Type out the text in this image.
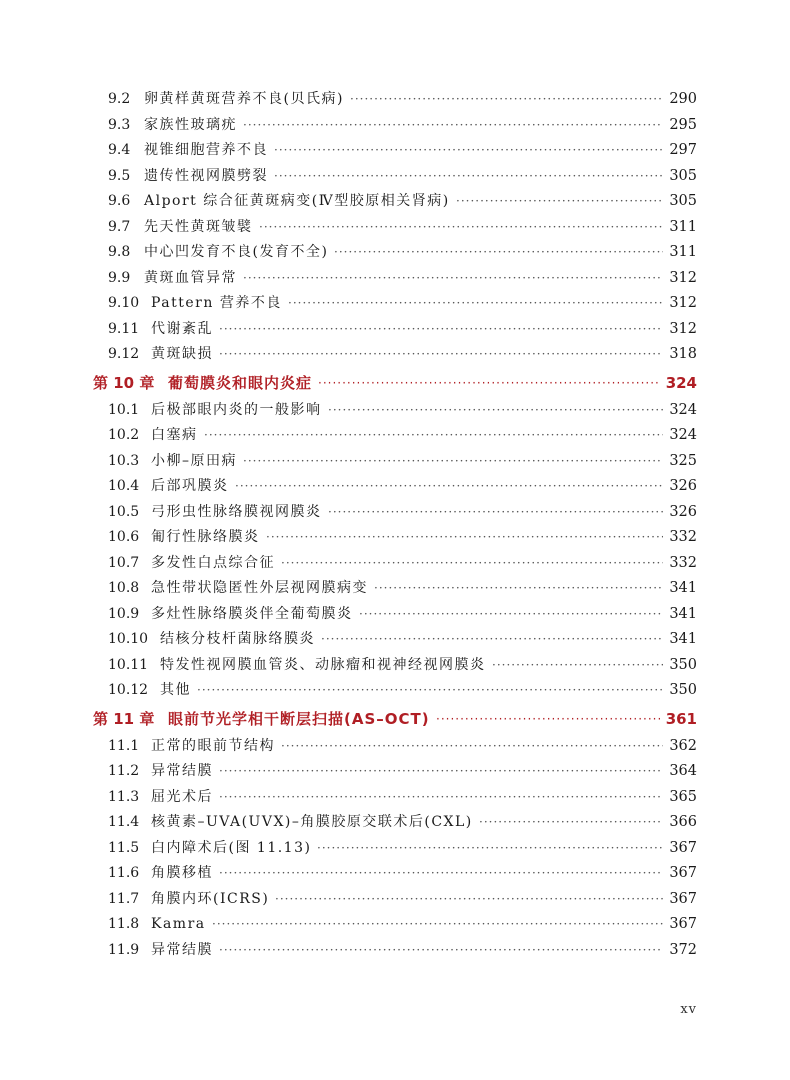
9.2 卵黄样黄斑营养不良(贝氏病) ·····	290
9.3 家族性玻璃疣 ·····	295
9.4 视锥细胞营养不良 ·····	297
9.5 遗传性视网膜劈裂 ·····	305
9.6 Alport 综合征黄斑病变(Ⅳ型胶原相关肾病) ·····	305
9.7 先天性黄斑皱襞 ·····	311
9.8 中心凹发育不良(发育不全) ·····	311
9.9 黄斑血管异常 ·····	312
9.10 Pattern 营养不良 ·····	312
9.11 代谢紊乱 ·····	312
9.12 黄斑缺损 ·····	318
第 10 章 葡萄膜炎和眼内炎症 ·····	324
10.1 后极部眼内炎的一般影响 ·····	324
10.2 白塞病 ·····	324
10.3 小柳–原田病 ·····	325
10.4 后部巩膜炎 ·····	326
10.5 弓形虫性脉络膜视网膜炎 ·····	326
10.6 匍行性脉络膜炎 ·····	332
10.7 多发性白点综合征 ·····	332
10.8 急性带状隐匿性外层视网膜病变 ·····	341
10.9 多灶性脉络膜炎伴全葡萄膜炎 ·····	341
10.10 结核分枝杆菌脉络膜炎 ·····	341
10.11 特发性视网膜血管炎、动脉瘤和视神经视网膜炎 ·····	350
10.12 其他 ·····	350
第 11 章 眼前节光学相干断层扫描(AS–OCT) ·····	361
11.1 正常的眼前节结构 ·····	362
11.2 异常结膜 ·····	364
11.3 屈光术后 ·····	365
11.4 核黄素–UVA(UVX)–角膜胶原交联术后(CXL) ·····	366
11.5 白内障术后(图 11.13) ·····	367
11.6 角膜移植 ·····	367
11.7 角膜内环(ICRS) ·····	367
11.8 Kamra ·····	367
11.9 异常结膜 ·····	372
xv
